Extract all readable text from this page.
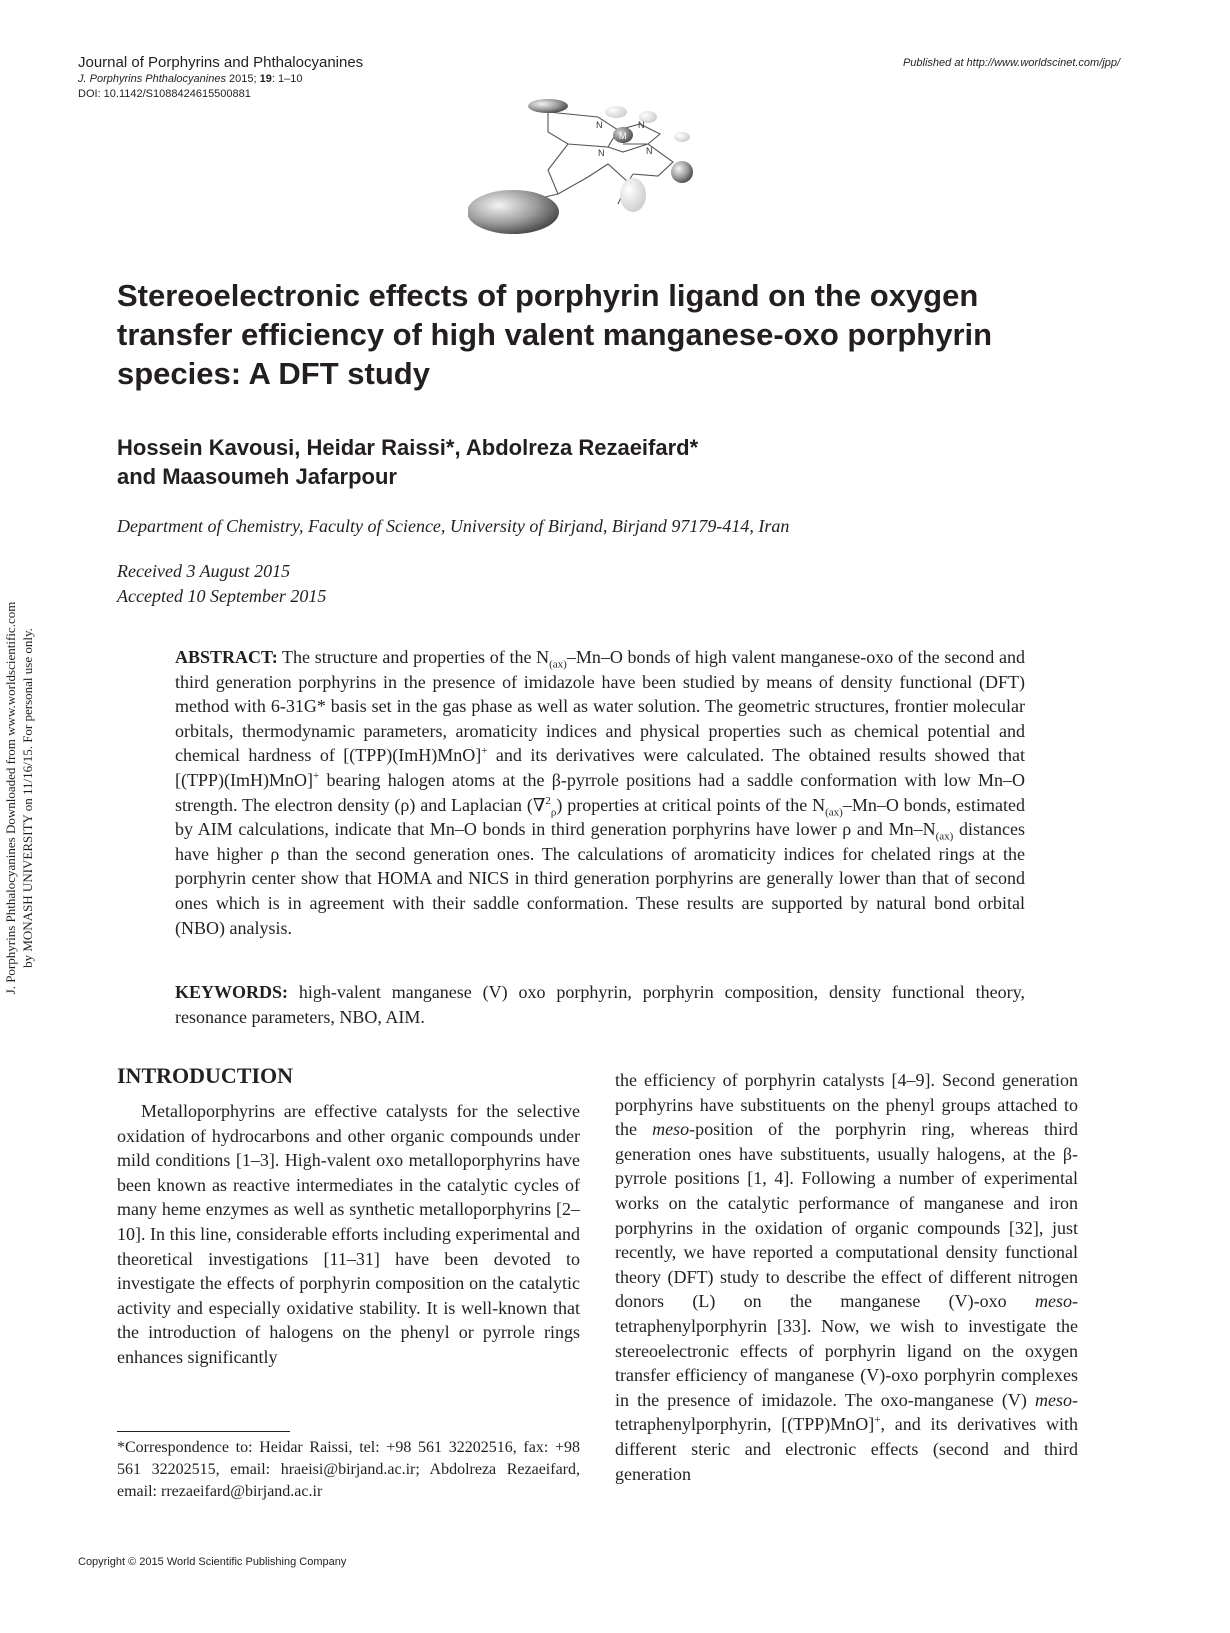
Journal of Porphyrins and Phthalocyanines
J. Porphyrins Phthalocyanines 2015; 19: 1–10
DOI: 10.1142/S1088424615500881
Published at http://www.worldscinet.com/jpp/
M
N	N
N	N
Stereoelectronic effects of porphyrin ligand on the oxygen transfer efficiency of high valent manganese-oxo porphyrin species: A DFT study
Hossein Kavousi, Heidar Raissi*, Abdolreza Rezaeifard*
and Maasoumeh Jafarpour
Department of Chemistry, Faculty of Science, University of Birjand, Birjand 97179-414, Iran
Received 3 August 2015
Accepted 10 September 2015
J. Porphyrins Phthalocyanines Downloaded from www.worldscientific.com by MONASH UNIVERSITY on 11/16/15. For personal use only.	ABSTRACT: The structure and properties of the $N_{(ax)}-Mn-O$ bonds of high valent manganese-oxo of the second and third generation porphyrins in the presence of imidazole have been studied by means of density functional (DFT) method with 6-31G* basis set in the gas phase as well as water solution. The geometric structures, frontier molecular orbitals, thermodynamic parameters, aromaticity indices and physical properties such as chemical potential and chemical hardness of [(TPP)(ImH)MnO]+ and its derivatives were calculated. The obtained results showed that [(TPP)(ImH)MnO]+ bearing halogen atoms at the β-pyrrole positions had a saddle conformation with low Mn–O strength. The electron density (ρ) and Laplacian (∇$^2_\rho$) properties at critical points of the $N_{(ax)}-Mn-O$ bonds, estimated by AIM calculations, indicate that Mn–O bonds in third generation porphyrins have lower ρ and $Mn-N_{(ax)}$ distances have higher ρ than the second generation ones. The calculations of aromaticity indices for chelated rings at the porphyrin center show that HOMA and NICS in third generation porphyrins are generally lower than that of second ones which is in agreement with their saddle conformation. These results are supported by natural bond orbital (NBO) analysis.
KEYWORDS: high-valent manganese (V) oxo porphyrin, porphyrin composition, density functional theory, resonance parameters, NBO, AIM.
INTRODUCTION

Metalloporphyrins are effective catalysts for the selective oxidation of hydrocarbons and other organic compounds under mild conditions [1–3]. High-valent oxo metalloporphyrins have been known as reactive intermediates in the catalytic cycles of many heme enzymes as well as synthetic metalloporphyrins [2–10]. In this line, considerable efforts including experimental and theoretical investigations [11–31] have been devoted to investigate the effects of porphyrin composition on the catalytic activity and especially oxidative stability. It is well-known that the introduction of halogens on the phenyl or pyrrole rings enhances significantly

the efficiency of porphyrin catalysts [4–9]. Second generation porphyrins have substituents on the phenyl groups attached to the meso-position of the porphyrin ring, whereas third generation ones have substituents, usually halogens, at the β-pyrrole positions [1, 4]. Following a number of experimental works on the catalytic performance of manganese and iron porphyrins in the oxidation of organic compounds [32], just recently, we have reported a computational density functional theory (DFT) study to describe the effect of different nitrogen donors (L) on the manganese (V)-oxo meso-tetraphenylporphyrin [33]. Now, we wish to investigate the stereoelectronic effects of porphyrin ligand on the oxygen transfer efficiency of manganese (V)-oxo porphyrin complexes in the presence of imidazole. The oxo-manganese (V) meso-tetraphenylporphyrin, [(TPP)MnO]+, and its derivatives with different steric and electronic effects (second and third generation

*Correspondence to: Heidar Raissi, tel: +98 561 32202516, fax: +98 561 32202515, email: hraeisi@birjand.ac.ir; Abdolreza Rezaeifard, email: rrezaeifard@birjand.ac.ir
Copyright © 2015 World Scientific Publishing Company
